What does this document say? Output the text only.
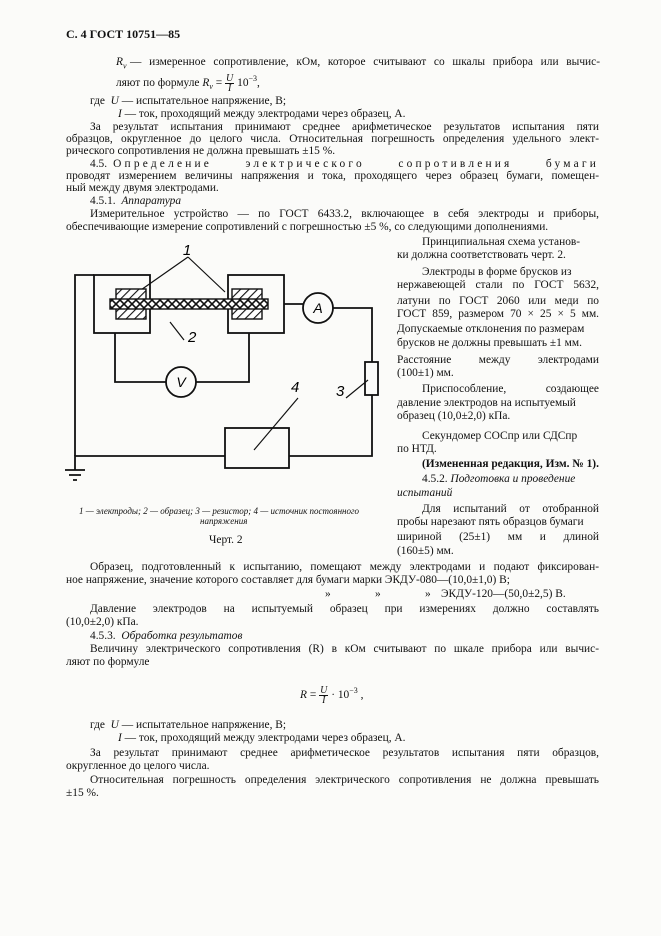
С. 4 ГОСТ 10751—85
$R_v$ — измеренное сопротивление, кОм, которое считывают со шкалы прибора или вычис-
ляют по формуле $R_v = \frac{U}{I} 10^{-3}$,
где U — испытательное напряжение, В;
I — ток, проходящий между электродами через образец, А.
За результат испытания принимают среднее арифметическое результатов испытания пяти
образцов, округленное до целого числа. Относительная погрешность определения удельного элект-
рического сопротивления не должна превышать ±15 %.
4.5. Определение электрического сопротивления бумаги
проводят измерением величины напряжения и тока, проходящего через образец бумаги, помещен-
ный между двумя электродами.
4.5.1. Аппаратура
Измерительное устройство — по ГОСТ 6433.2, включающее в себя электроды и приборы,
обеспечивающие измерение сопротивлений с погрешностью ±5 %, со следующими дополнениями.
Принципиальная схема установ-
ки должна соответствовать черт. 2.
Электроды в форме брусков из
нержавеющей стали по ГОСТ 5632,
латуни по ГОСТ 2060 или меди по
ГОСТ 859, размером 70 × 25 × 5 мм.
Допускаемые отклонения по размерам
брусков не должны превышать ±1 мм.
Расстояние между электродами
(100±1) мм.
Приспособление, создающее
давление электродов на испытуемый
образец (10,0±2,0) кПа.
Секундомер СОСпр или СДСпр
по НТД.
(Измененная редакция, Изм. № 1).
4.5.2. Подготовка и проведение
испытаний
Для испытаний от отобранной
пробы нарезают пять образцов бумаги
шириной (25±1) мм и длиной
(160±5) мм.
1
2
3
4
A
V
1 — электроды; 2 — образец; 3 — резистор; 4 — источник постоянного
напряжения
Черт. 2
Образец, подготовленный к испытанию, помещают между электродами и подают фиксирован-
ное напряжение, значение которого составляет для бумаги марки ЭКДУ-080—(10,0±1,0) В;
»	»	» ЭКДУ-120—(50,0±2,5) В.
Давление электродов на испытуемый образец при измерениях должно составлять
(10,0±2,0) кПа.
4.5.3. Обработка результатов
Величину электрического сопротивления (R) в кОм считывают по шкале прибора или вычис-
ляют по формуле
$R = \frac{U}{I} \cdot 10^{-3}$ ,
где U — испытательное напряжение, В;
I — ток, проходящий между электродами через образец, А.
За результат принимают среднее арифметическое результатов испытания пяти образцов,
округленное до целого числа.
Относительная погрешность определения электрического сопротивления не должна превышать
±15 %.
